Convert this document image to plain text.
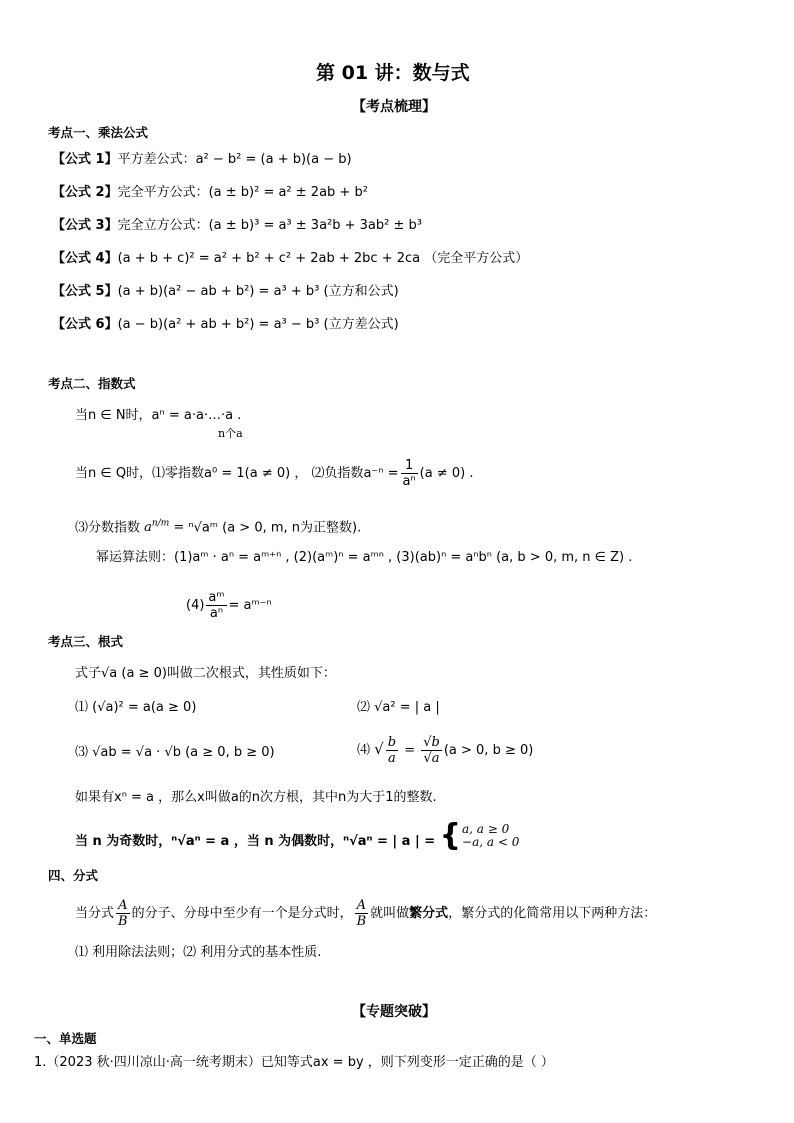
第 01 讲：数与式
【考点梳理】
考点一、乘法公式
【公式 1】平方差公式：a² − b² = (a + b)(a − b)
【公式 2】完全平方公式：(a ± b)² = a² ± 2ab + b²
【公式 3】完全立方公式：(a ± b)³ = a³ ± 3a²b + 3ab² ± b³
【公式 4】(a + b + c)² = a² + b² + c² + 2ab + 2bc + 2ca （完全平方公式）
【公式 5】(a + b)(a² − ab + b²) = a³ + b³ (立方和公式)
【公式 6】(a − b)(a² + ab + b²) = a³ − b³ (立方差公式)
考点二、指数式
当n ∈ N时，aⁿ = a·a·…·a .
n个a
当n ∈ Q时，⑴零指数a⁰ = 1(a ≠ 0) ， ⑵负指数$a^{-n} = \frac{1}{\text{aⁿ}} (a \ne 0)$ .
⑶分数指数 $a^{n/m}$ = ⁿ√aᵐ (a > 0, m, n为正整数).
幂运算法则：(1)aᵐ · aⁿ = aᵐ⁺ⁿ , (2)(aᵐ)ⁿ = aᵐⁿ , (3)(ab)ⁿ = aⁿbⁿ (a, b > 0, m, n ∈ Z) .
$(4) \frac{\text{aᵐ}}{\text{aⁿ}}$ = aᵐ⁻ⁿ
考点三、根式
式子√a (a ≥ 0)叫做二次根式，其性质如下：
⑴ (√a)² = a(a ≥ 0)	⑵ √a² = | a |
⑶ √ab = √a · √b (a ≥ 0, b ≥ 0)	⑷ √ $\frac{b}{a} = \frac{√b}{√a} (a > 0$, b ≥ 0)
如果有xⁿ = a ，那么x叫做a的n次方根，其中n为大于1的整数.
当 n 为奇数时，ⁿ√aⁿ = a ，当 n 为偶数时，ⁿ√aⁿ = | a | = { a, a ≥ 0
−a, a < 0
四、分式
当分式 $\frac{A}{B}$ 的分子、分母中至少有一个是分式时， $\frac{A}{B}$ 就叫做繁分式，繁分式的化简常用以下两种方法：
⑴ 利用除法法则；⑵ 利用分式的基本性质.
【专题突破】
一、单选题
1.（2023 秋·四川凉山·高一统考期末）已知等式ax = by ，则下列变形一定正确的是（ ）
